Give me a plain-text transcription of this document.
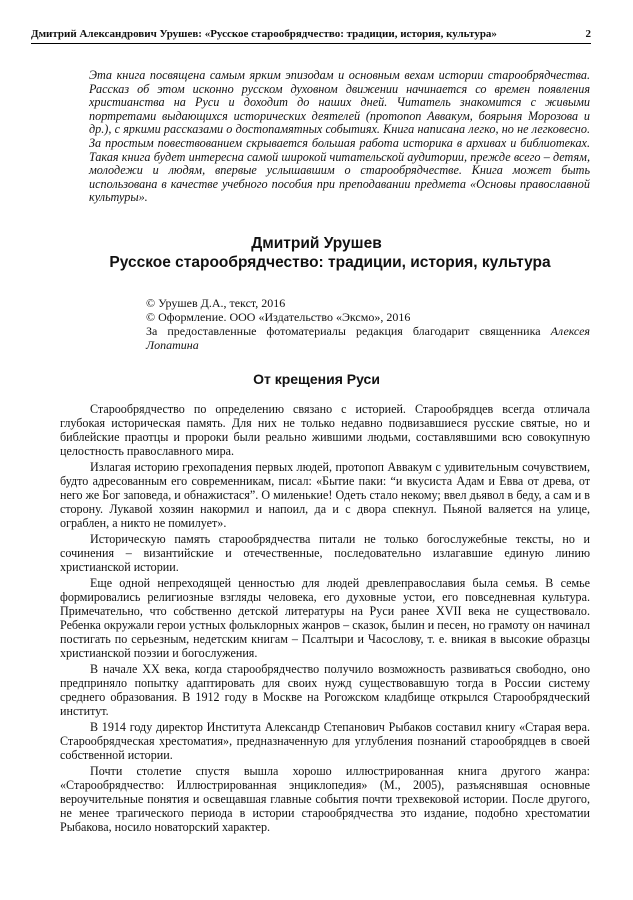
Дмитрий Александрович Урушев: «Русское старообрядчество: традиции, история, культура»	2

Эта книга посвящена самым ярким эпизодам и основным вехам истории старообрядчества. Рассказ об этом исконно русском духовном движении начинается со времен появления христианства на Руси и доходит до наших дней. Читатель знакомится с живыми портретами выдающихся исторических деятелей (протопоп Аввакум, боярыня Морозова и др.), с яркими рассказами о достопамятных событиях. Книга написана легко, но не легковесно. За простым повествованием скрывается большая работа историка в архивах и библиотеках. Такая книга будет интересна самой широкой читательской аудитории, прежде всего – детям, молодежи и людям, впервые услышавшим о старообрядчестве. Книга может быть использована в качестве учебного пособия при преподавании предмета «Основы православной культуры».

Дмитрий Урушев
Русское старообрядчество: традиции, история, культура
© Урушев Д.А., текст, 2016
© Оформление. ООО «Издательство «Эксмо», 2016
За предоставленные фотоматериалы редакция благодарит священника Алексея Лопатина
От крещения Руси

Старообрядчество по определению связано с историей. Старообрядцев всегда отличала глубокая историческая память. Для них не только недавно подвизавшиеся русские святые, но и библейские праотцы и пророки были реально жившими людьми, составлявшими всю совокупную целостность православного мира.

Излагая историю грехопадения первых людей, протопоп Аввакум с удивительным сочувствием, будто адресованным его современникам, писал: «Бытие паки: “и вкусиста Адам и Евва от древа, от него же Бог заповеда, и обнажистася”. О миленькие! Одеть стало некому; ввел дьявол в беду, а сам и в сторону. Лукавой хозяин накормил и напоил, да и с двора спекнул. Пьяной валяется на улице, ограблен, а никто не помилует».

Историческую память старообрядчества питали не только богослужебные тексты, но и сочинения – византийские и отечественные, последовательно излагавшие единую линию христианской истории.

Еще одной непреходящей ценностью для людей древлеправославия была семья. В семье формировались религиозные взгляды человека, его духовные устои, его повседневная культура. Примечательно, что собственно детской литературы на Руси ранее XVII века не существовало. Ребенка окружали герои устных фольклорных жанров – сказок, былин и песен, но грамоту он начинал постигать по серьезным, недетским книгам – Псалтыри и Часослову, т. е. вникая в высокие образцы христианской поэзии и богослужения.

В начале XX века, когда старообрядчество получило возможность развиваться свободно, оно предприняло попытку адаптировать для своих нужд существовавшую тогда в России систему среднего образования. В 1912 году в Москве на Рогожском кладбище открылся Старообрядческий институт.

В 1914 году директор Института Александр Степанович Рыбаков составил книгу «Старая вера. Старообрядческая хрестоматия», предназначенную для углубления познаний старообрядцев в своей собственной истории.

Почти столетие спустя вышла хорошо иллюстрированная книга другого жанра: «Старообрядчество: Иллюстрированная энциклопедия» (М., 2005), разъяснявшая основные вероучительные понятия и освещавшая главные события почти трехвековой истории. После другого, не менее трагического периода в истории старообрядчества это издание, подобно хрестоматии Рыбакова, носило новаторский характер.
